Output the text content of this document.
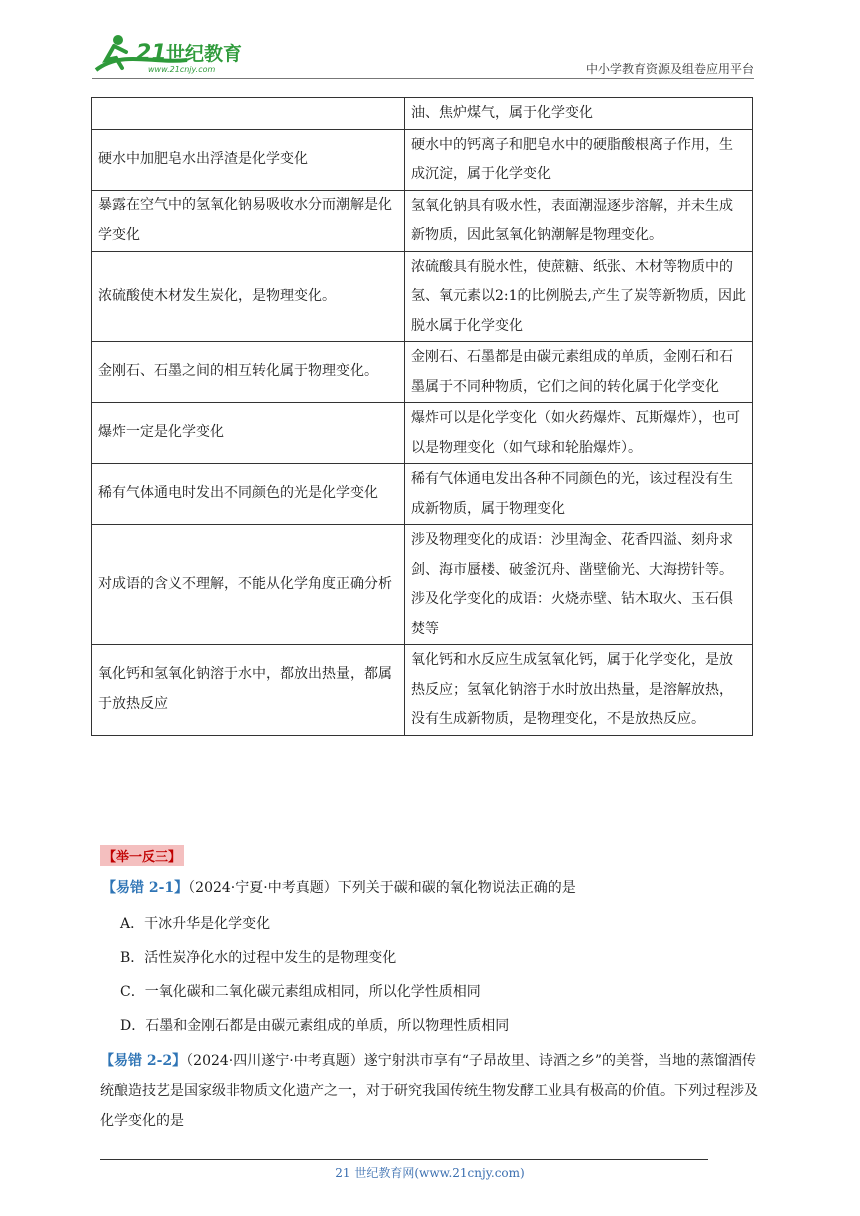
21 世纪教育
www.21cnjy.com	中小学教育资源及组卷应用平台
	油、焦炉煤气，属于化学变化
硬水中加肥皂水出浮渣是化学变化	硬水中的钙离子和肥皂水中的硬脂酸根离子作用，生成沉淀，属于化学变化
暴露在空气中的氢氧化钠易吸收水分而潮解是化学变化	氢氧化钠具有吸水性，表面潮湿逐步溶解，并未生成新物质，因此氢氧化钠潮解是物理变化。
浓硫酸使木材发生炭化，是物理变化。	浓硫酸具有脱水性，使蔗糖、纸张、木材等物质中的氢、氧元素以2:1的比例脱去,产生了炭等新物质，因此脱水属于化学变化
金刚石、石墨之间的相互转化属于物理变化。	金刚石、石墨都是由碳元素组成的单质，金刚石和石墨属于不同种物质，它们之间的转化属于化学变化
爆炸一定是化学变化	爆炸可以是化学变化（如火药爆炸、瓦斯爆炸），也可以是物理变化（如气球和轮胎爆炸）。
稀有气体通电时发出不同颜色的光是化学变化	稀有气体通电发出各种不同颜色的光，该过程没有生成新物质，属于物理变化
对成语的含义不理解，不能从化学角度正确分析	涉及物理变化的成语：沙里淘金、花香四溢、刻舟求剑、海市蜃楼、破釜沉舟、凿壁偷光、大海捞针等。
涉及化学变化的成语：火烧赤壁、钻木取火、玉石俱焚等

氧化钙和氢氧化钠溶于水中，都放出热量，都属于放热反应	氧化钙和水反应生成氢氧化钙，属于化学变化，是放热反应；氢氧化钠溶于水时放出热量，是溶解放热，没有生成新物质，是物理变化，不是放热反应。
【举一反三】
【易错 2-1】（2024·宁夏·中考真题）下列关于碳和碳的氧化物说法正确的是
A．干冰升华是化学变化
B．活性炭净化水的过程中发生的是物理变化
C．一氧化碳和二氧化碳元素组成相同，所以化学性质相同
D．石墨和金刚石都是由碳元素组成的单质，所以物理性质相同
【易错 2-2】（2024·四川遂宁·中考真题）遂宁射洪市享有“子昂故里、诗酒之乡”的美誉，当地的蒸馏酒传统酿造技艺是国家级非物质文化遗产之一，对于研究我国传统生物发酵工业具有极高的价值。下列过程涉及化学变化的是
21 世纪教育网(www.21cnjy.com)
